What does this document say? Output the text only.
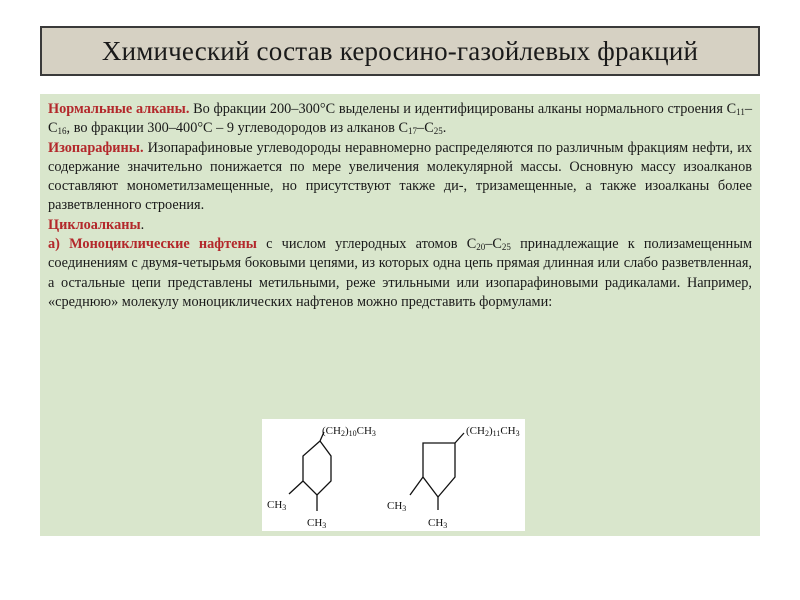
Химический состав керосино-газойлевых фракций

Нормальные алканы. Во фракции 200–300°С выделены и идентифицированы алканы нормального строения $С_{11}-С_{16}$, во фракции 300–400°С – 9 углеводородов из алканов $С_{17}-С_{25}$.

Изопарафины. Изопарафиновые углеводороды неравномерно распределяются по различным фракциям нефти, их содержание значительно понижается по мере увеличения молекулярной массы. Основную массу изоалканов составляют монометилзамещенные, но присутствуют также ди-, тризамещенные, а также изоалканы более разветвленного строения.

Циклоалканы.

а) Моноциклические нафтены с числом углеродных атомов $С_{20}-С_{25}$ принадлежащие к полизамещенным соединениям с двумя-четырьмя боковыми цепями, из которых одна цепь прямая длинная или слабо разветвленная, а остальные цепи представлены метильными, реже этильными или изопарафиновыми радикалами. Например, «среднюю» молекулу моноциклических нафтенов можно представить формулами:

(CH2)10CH3
CH3
CH3
(CH2)11CH3
CH3
CH3
